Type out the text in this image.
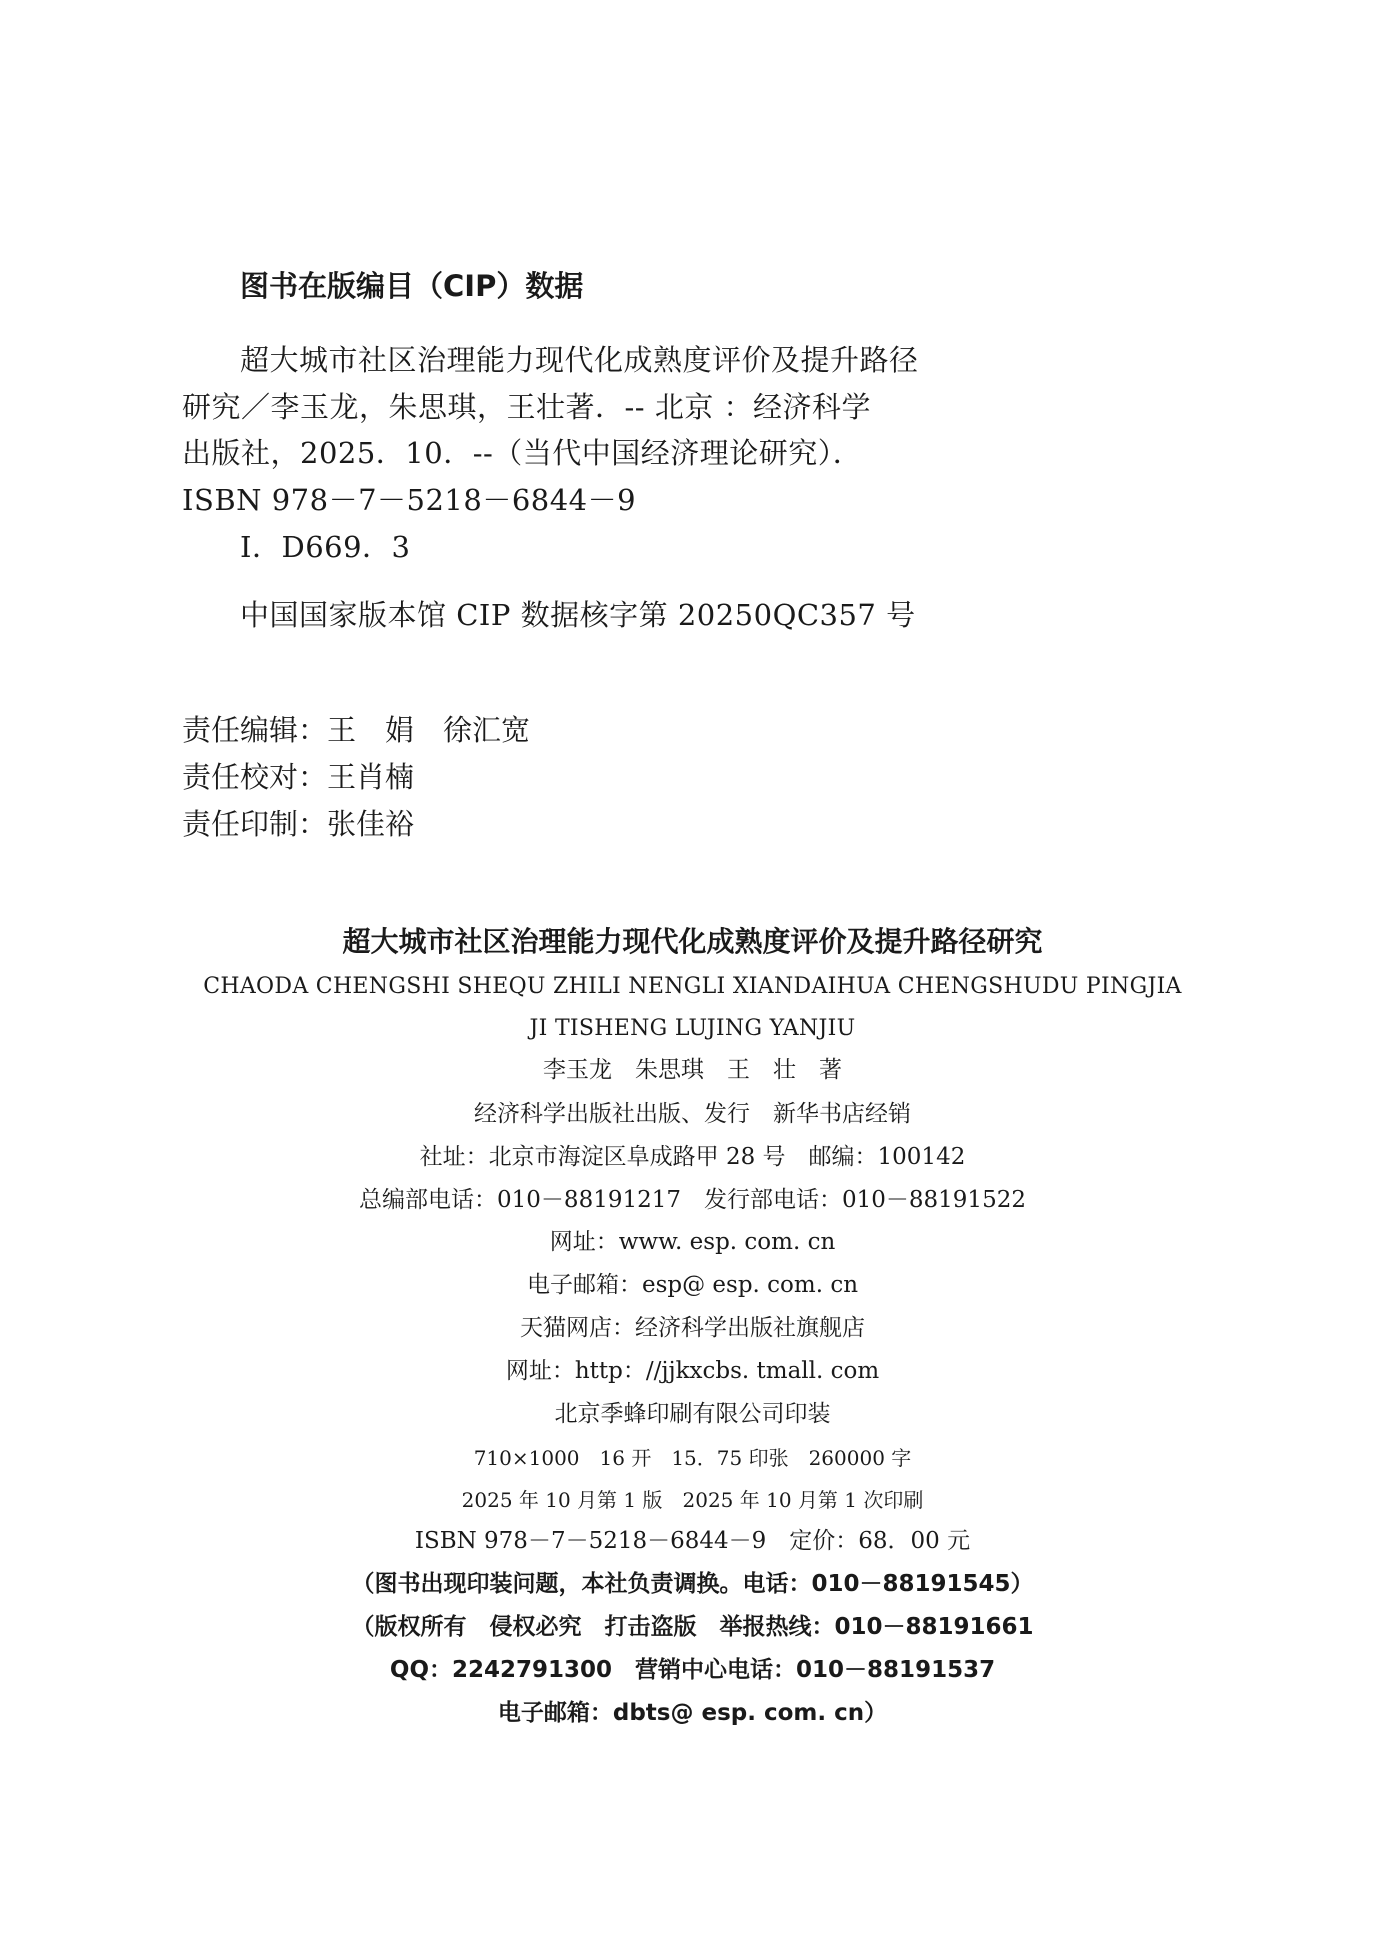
图书在版编目（CIP）数据
超大城市社区治理能力现代化成熟度评价及提升路径
研究／李玉龙，朱思琪，王壮著．-- 北京 ：经济科学
出版社，2025．10．--（当代中国经济理论研究）．
ISBN 978－7－5218－6844－9
Ⅰ．D669．3
中国国家版本馆 CIP 数据核字第 20250QC357 号
责任编辑：王　娟　徐汇宽
责任校对：王肖楠
责任印制：张佳裕
超大城市社区治理能力现代化成熟度评价及提升路径研究
CHAODA CHENGSHI SHEQU ZHILI NENGLI XIANDAIHUA CHENGSHUDU PINGJIA
JI TISHENG LUJING YANJIU
李玉龙　朱思琪　王　壮　著
经济科学出版社出版、发行　新华书店经销
社址：北京市海淀区阜成路甲 28 号　邮编：100142
总编部电话：010－88191217　发行部电话：010－88191522
网址：www. esp. com. cn
电子邮箱：esp@ esp. com. cn
天猫网店：经济科学出版社旗舰店
网址：http：//jjkxcbs. tmall. com
北京季蜂印刷有限公司印装
710×1000　16 开　15．75 印张　260000 字
2025 年 10 月第 1 版　2025 年 10 月第 1 次印刷
ISBN 978－7－5218－6844－9　定价：68．00 元
（图书出现印装问题，本社负责调换。电话：010－88191545）
（版权所有　侵权必究　打击盗版　举报热线：010－88191661
QQ：2242791300　营销中心电话：010－88191537
电子邮箱：dbts@ esp. com. cn）
